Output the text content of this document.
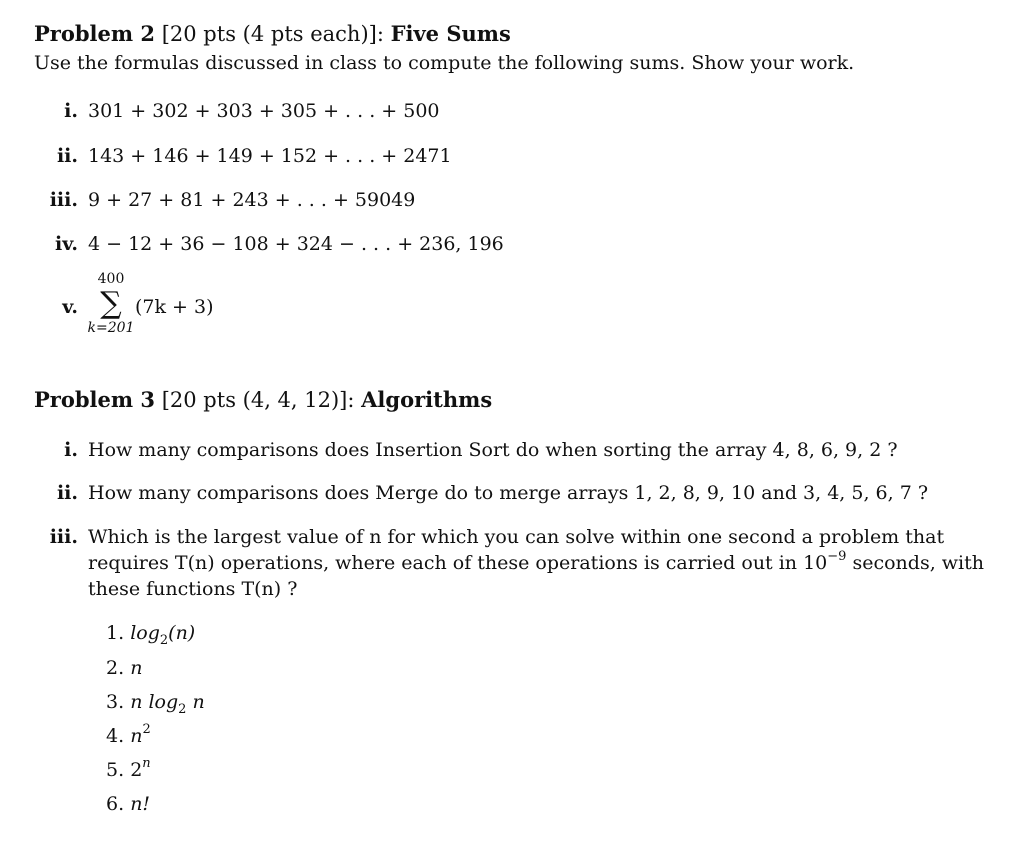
Problem 2 [20 pts (4 pts each)]: Five Sums
Use the formulas discussed in class to compute the following sums. Show your work.
i. 301 + 302 + 303 + 305 + . . . + 500
ii. 143 + 146 + 149 + 152 + . . . + 2471
iii. 9 + 27 + 81 + 243 + . . . + 59049
iv. 4 − 12 + 36 − 108 + 324 − . . . + 236, 196
v.
400
∑
k=201
(7k + 3)
Problem 3 [20 pts (4, 4, 12)]: Algorithms
i. How many comparisons does Insertion Sort do when sorting the array 4, 8, 6, 9, 2 ?
ii. How many comparisons does Merge do to merge arrays 1, 2, 8, 9, 10 and 3, 4, 5, 6, 7 ?
iii. Which is the largest value of n for which you can solve within one second a problem that
requires T(n) operations, where each of these operations is carried out in $10^{-9}$ seconds, with
these functions T(n) ?
1. $\log_2(n)$
2. n
3. n $\log_2 n$
4. $n^2$
5. 2$^n$
6. n!
